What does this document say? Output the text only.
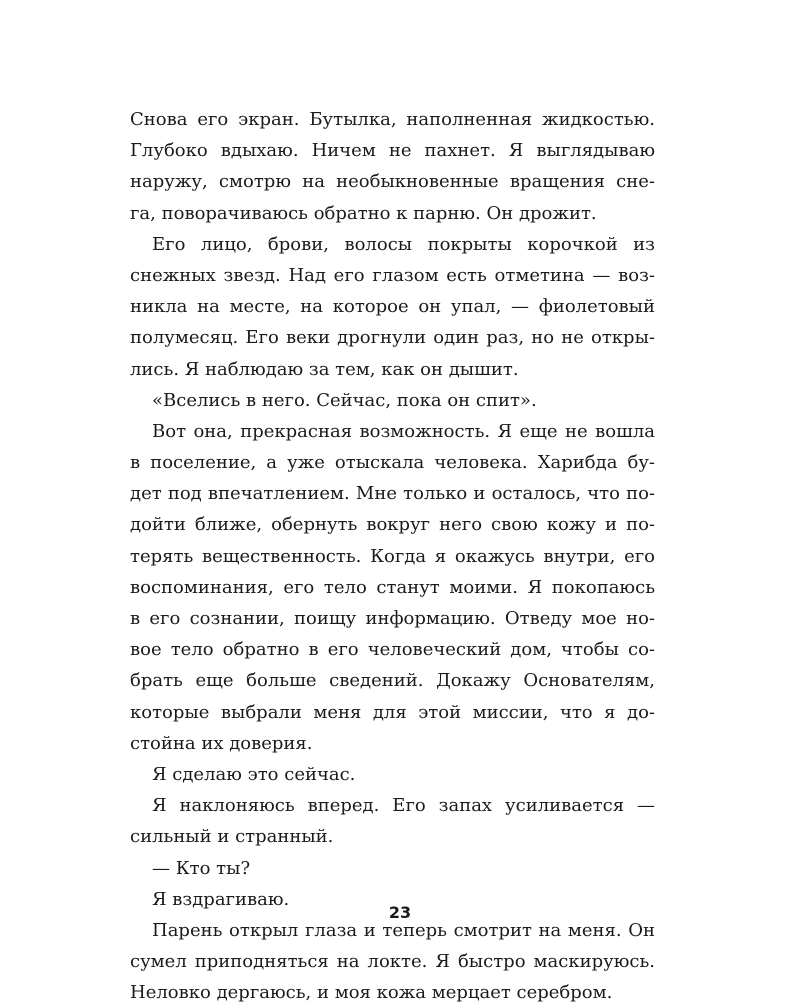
Снова его экран. Бутылка, наполненная жидкостью.
Глубоко вдыхаю. Ничем не пахнет. Я выглядываю
наружу, смотрю на необыкновенные вращения сне-
га, поворачиваюсь обратно к парню. Он дрожит.
Его лицо, брови, волосы покрыты корочкой из
снежных звезд. Над его глазом есть отметина — воз-
никла на месте, на которое он упал, — фиолетовый
полумесяц. Его веки дрогнули один раз, но не откры-
лись. Я наблюдаю за тем, как он дышит.
«Вселись в него. Сейчас, пока он спит».
Вот она, прекрасная возможность. Я еще не вошла
в поселение, а уже отыскала человека. Харибда бу-
дет под впечатлением. Мне только и осталось, что по-
дойти ближе, обернуть вокруг него свою кожу и по-
терять вещественность. Когда я окажусь внутри, его
воспоминания, его тело станут моими. Я покопаюсь
в его сознании, поищу информацию. Отведу мое но-
вое тело обратно в его человеческий дом, чтобы со-
брать еще больше сведений. Докажу Основателям,
которые выбрали меня для этой миссии, что я до-
стойна их доверия.
Я сделаю это сейчас.
Я наклоняюсь вперед. Его запах усиливается —
сильный и странный.
— Кто ты?
Я вздрагиваю.
Парень открыл глаза и теперь смотрит на меня. Он
сумел приподняться на локте. Я быстро маскируюсь.
Неловко дергаюсь, и моя кожа мерцает серебром.
23
